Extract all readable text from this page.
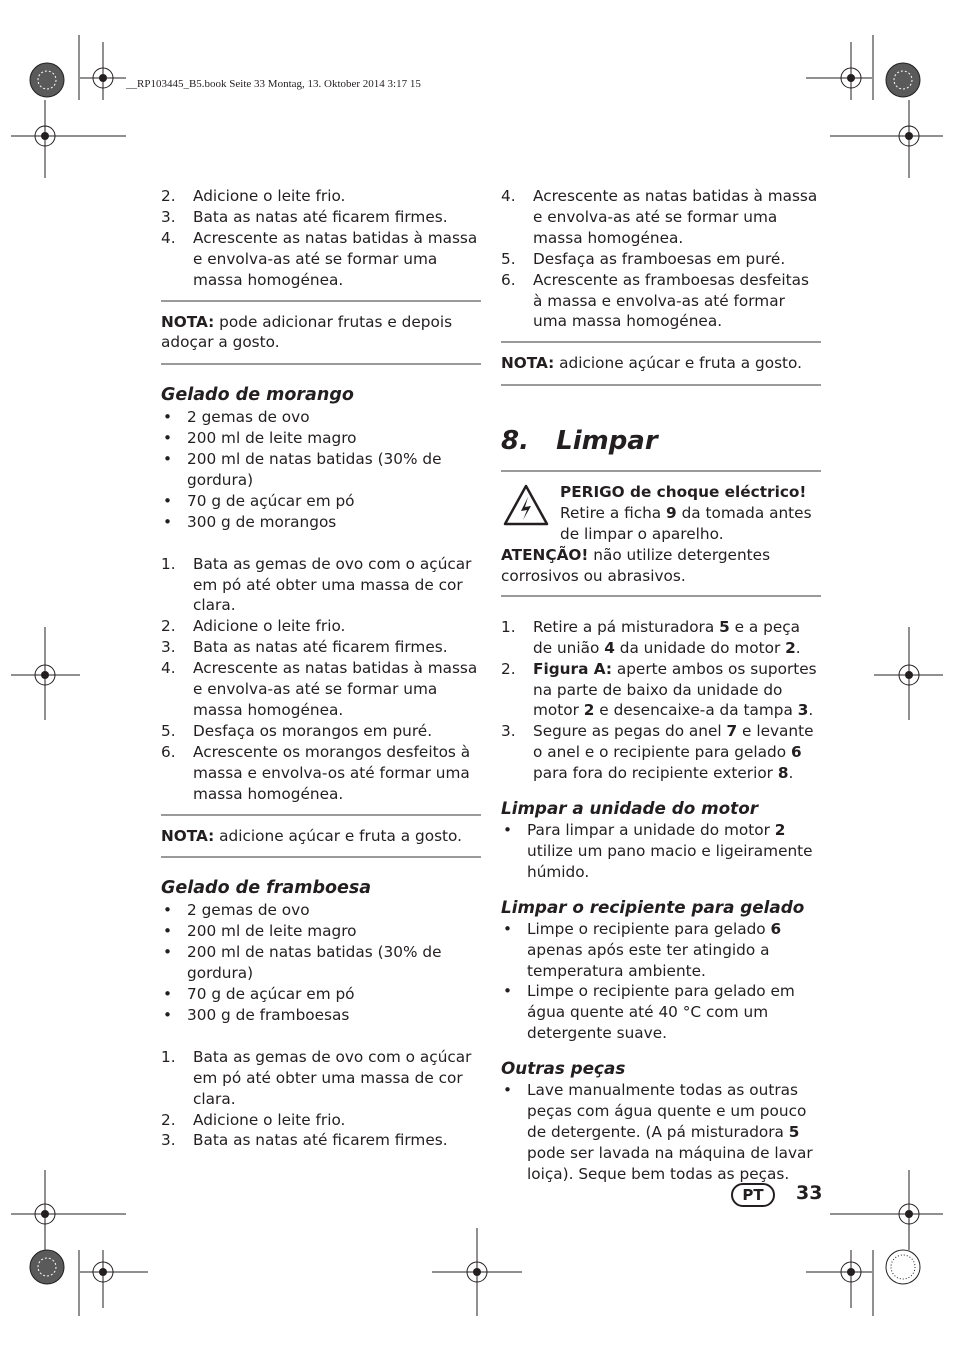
__RP103445_B5.book Seite 33 Montag, 13. Oktober 2014 3:17 15
2. Adicione o leite frio.
3. Bata as natas até ficarem firmes.
4. Acrescente as natas batidas à massa e envolva-as até se formar uma massa homogénea.
NOTA: pode adicionar frutas e depois adoçar a gosto.
Gelado de morango
• 2 gemas de ovo
• 200 ml de leite magro
• 200 ml de natas batidas (30% de gordura)
• 70 g de açúcar em pó
• 300 g de morangos
1. Bata as gemas de ovo com o açúcar em pó até obter uma massa de cor clara.
2. Adicione o leite frio.
3. Bata as natas até ficarem firmes.
4. Acrescente as natas batidas à massa e envolva-as até se formar uma massa homogénea.
5. Desfaça os morangos em puré.
6. Acrescente os morangos desfeitos à massa e envolva-os até formar uma massa homogénea.
NOTA: adicione açúcar e fruta a gosto.
Gelado de framboesa
• 2 gemas de ovo
• 200 ml de leite magro
• 200 ml de natas batidas (30% de gordura)
• 70 g de açúcar em pó
• 300 g de framboesas
1. Bata as gemas de ovo com o açúcar em pó até obter uma massa de cor clara.
2. Adicione o leite frio.
3. Bata as natas até ficarem firmes.
4. Acrescente as natas batidas à massa e envolva-as até se formar uma massa homogénea.
5. Desfaça as framboesas em puré.
6. Acrescente as framboesas desfeitas à massa e envolva-as até formar uma massa homogénea.
NOTA: adicione açúcar e fruta a gosto.
8.   Limpar
PERIGO de choque eléctrico!
Retire a ficha 9 da tomada antes de limpar o aparelho.
ATENÇÃO! não utilize detergentes corrosivos ou abrasivos.
1. Retire a pá misturadora 5 e a peça de união 4 da unidade do motor 2.
2. Figura A: aperte ambos os suportes na parte de baixo da unidade do motor 2 e desencaixe-a da tampa 3.
3. Segure as pegas do anel 7 e levante o anel e o recipiente para gelado 6 para fora do recipiente exterior 8.
Limpar a unidade do motor
• Para limpar a unidade do motor 2 utilize um pano macio e ligeiramente húmido.
Limpar o recipiente para gelado
• Limpe o recipiente para gelado 6 apenas após este ter atingido a temperatura ambiente.
• Limpe o recipiente para gelado em água quente até 40 °C com um detergente suave.
Outras peças
• Lave manualmente todas as outras peças com água quente e um pouco de detergente. (A pá misturadora 5 pode ser lavada na máquina de lavar loiça). Seque bem todas as peças.
PT	33
